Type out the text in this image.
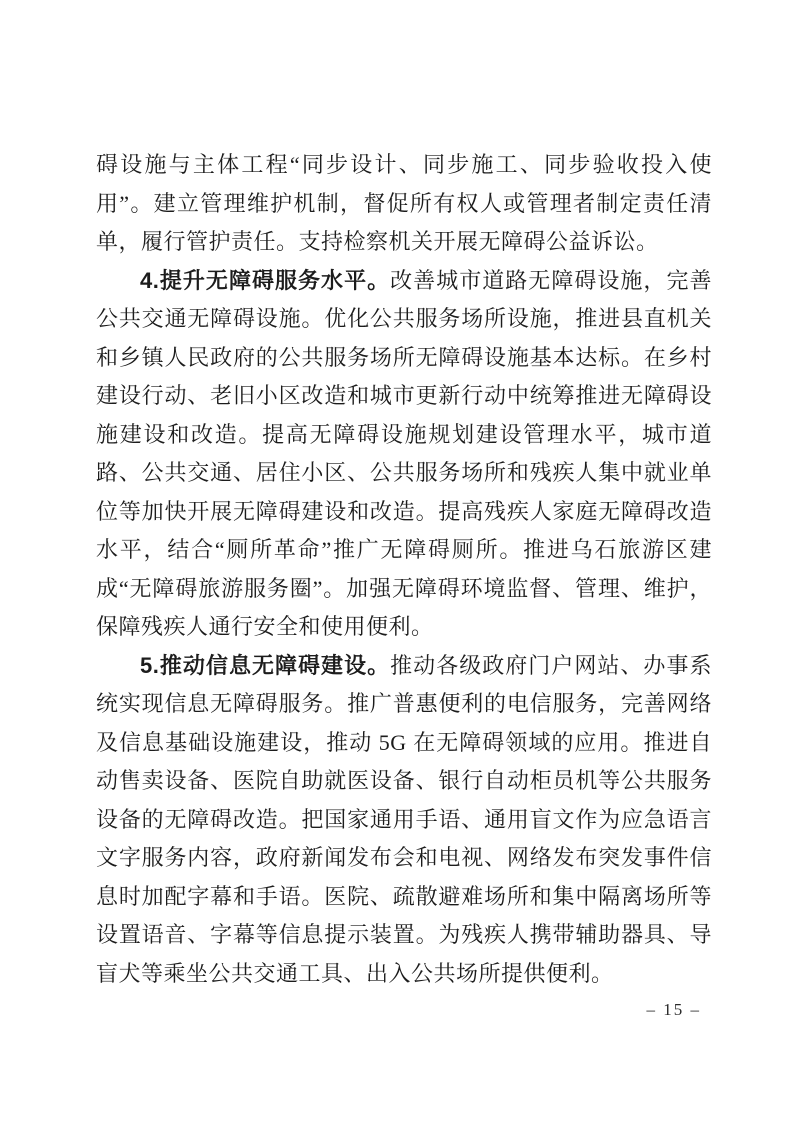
碍设施与主体工程“同步设计、同步施工、同步验收投入使用”。建立管理维护机制，督促所有权人或管理者制定责任清单，履行管护责任。支持检察机关开展无障碍公益诉讼。

4.提升无障碍服务水平。改善城市道路无障碍设施，完善公共交通无障碍设施。优化公共服务场所设施，推进县直机关和乡镇人民政府的公共服务场所无障碍设施基本达标。在乡村建设行动、老旧小区改造和城市更新行动中统筹推进无障碍设施建设和改造。提高无障碍设施规划建设管理水平，城市道路、公共交通、居住小区、公共服务场所和残疾人集中就业单位等加快开展无障碍建设和改造。提高残疾人家庭无障碍改造水平，结合“厕所革命”推广无障碍厕所。推进乌石旅游区建成“无障碍旅游服务圈”。加强无障碍环境监督、管理、维护，保障残疾人通行安全和使用便利。

5.推动信息无障碍建设。推动各级政府门户网站、办事系统实现信息无障碍服务。推广普惠便利的电信服务，完善网络及信息基础设施建设，推动 5G 在无障碍领域的应用。推进自动售卖设备、医院自助就医设备、银行自动柜员机等公共服务设备的无障碍改造。把国家通用手语、通用盲文作为应急语言文字服务内容，政府新闻发布会和电视、网络发布突发事件信息时加配字幕和手语。医院、疏散避难场所和集中隔离场所等设置语音、字幕等信息提示装置。为残疾人携带辅助器具、导盲犬等乘坐公共交通工具、出入公共场所提供便利。

– 15 –
